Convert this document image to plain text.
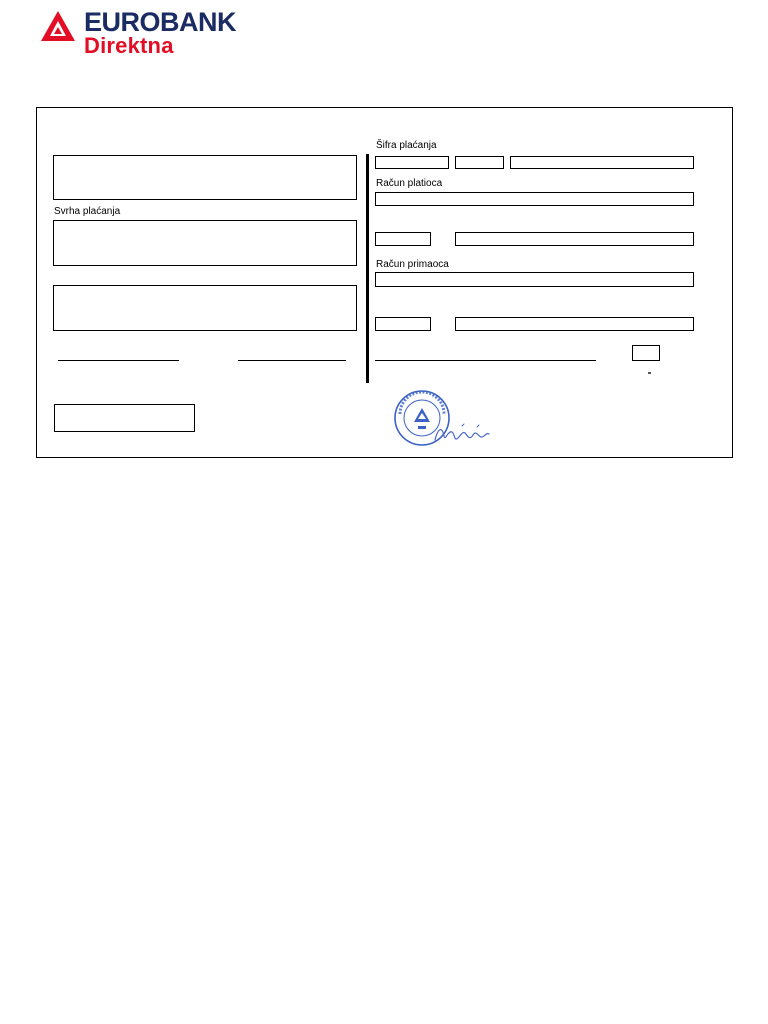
EUROBANK
Direktna
Svrha plaćanja
Šifra plaćanja
Račun platioca
Račun primaoca
